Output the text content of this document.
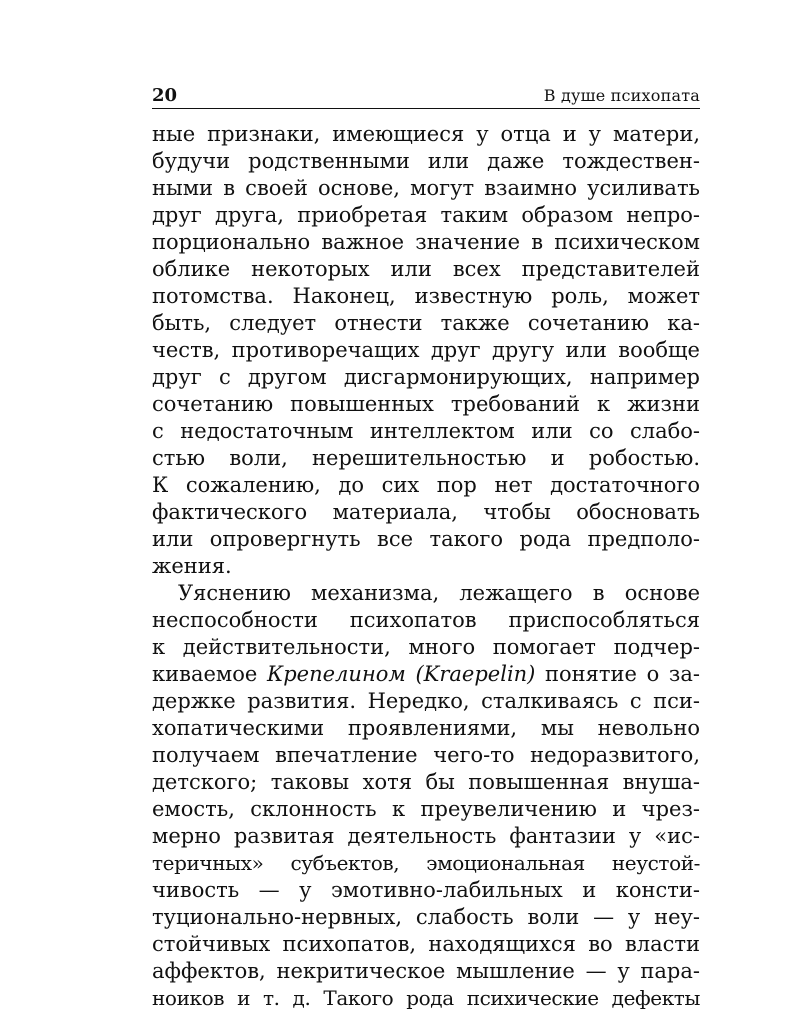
20	В душе психопата
ные признаки, имеющиеся у отца и у матери,
будучи родственными или даже тождествен-
ными в своей основе, могут взаимно усиливать
друг друга, приобретая таким образом непро-
порционально важное значение в психическом
облике некоторых или всех представителей
потомства. Наконец, известную роль, может
быть, следует отнести также сочетанию ка-
честв, противоречащих друг другу или вообще
друг с другом дисгармонирующих, например
сочетанию повышенных требований к жизни
с недостаточным интеллектом или со слабо-
стью воли, нерешительностью и робостью.
К сожалению, до сих пор нет достаточного
фактического материала, чтобы обосновать
или опровергнуть все такого рода предполо-
жения.
Уяснению механизма, лежащего в основе
неспособности психопатов приспособляться
к действительности, много помогает подчер-
киваемое Крепелином (Kraepelin) понятие о за-
держке развития. Нередко, сталкиваясь с пси-
хопатическими проявлениями, мы невольно
получаем впечатление чего-то недоразвитого,
детского; таковы хотя бы повышенная внуша-
емость, склонность к преувеличению и чрез-
мерно развитая деятельность фантазии у «ис-
теричных» субъектов, эмоциональная неустой-
чивость — у эмотивно-лабильных и консти-
туционально-нервных, слабость воли — у неу-
стойчивых психопатов, находящихся во власти
аффектов, некритическое мышление — у пара-
ноиков и т. д. Такого рода психические дефекты
